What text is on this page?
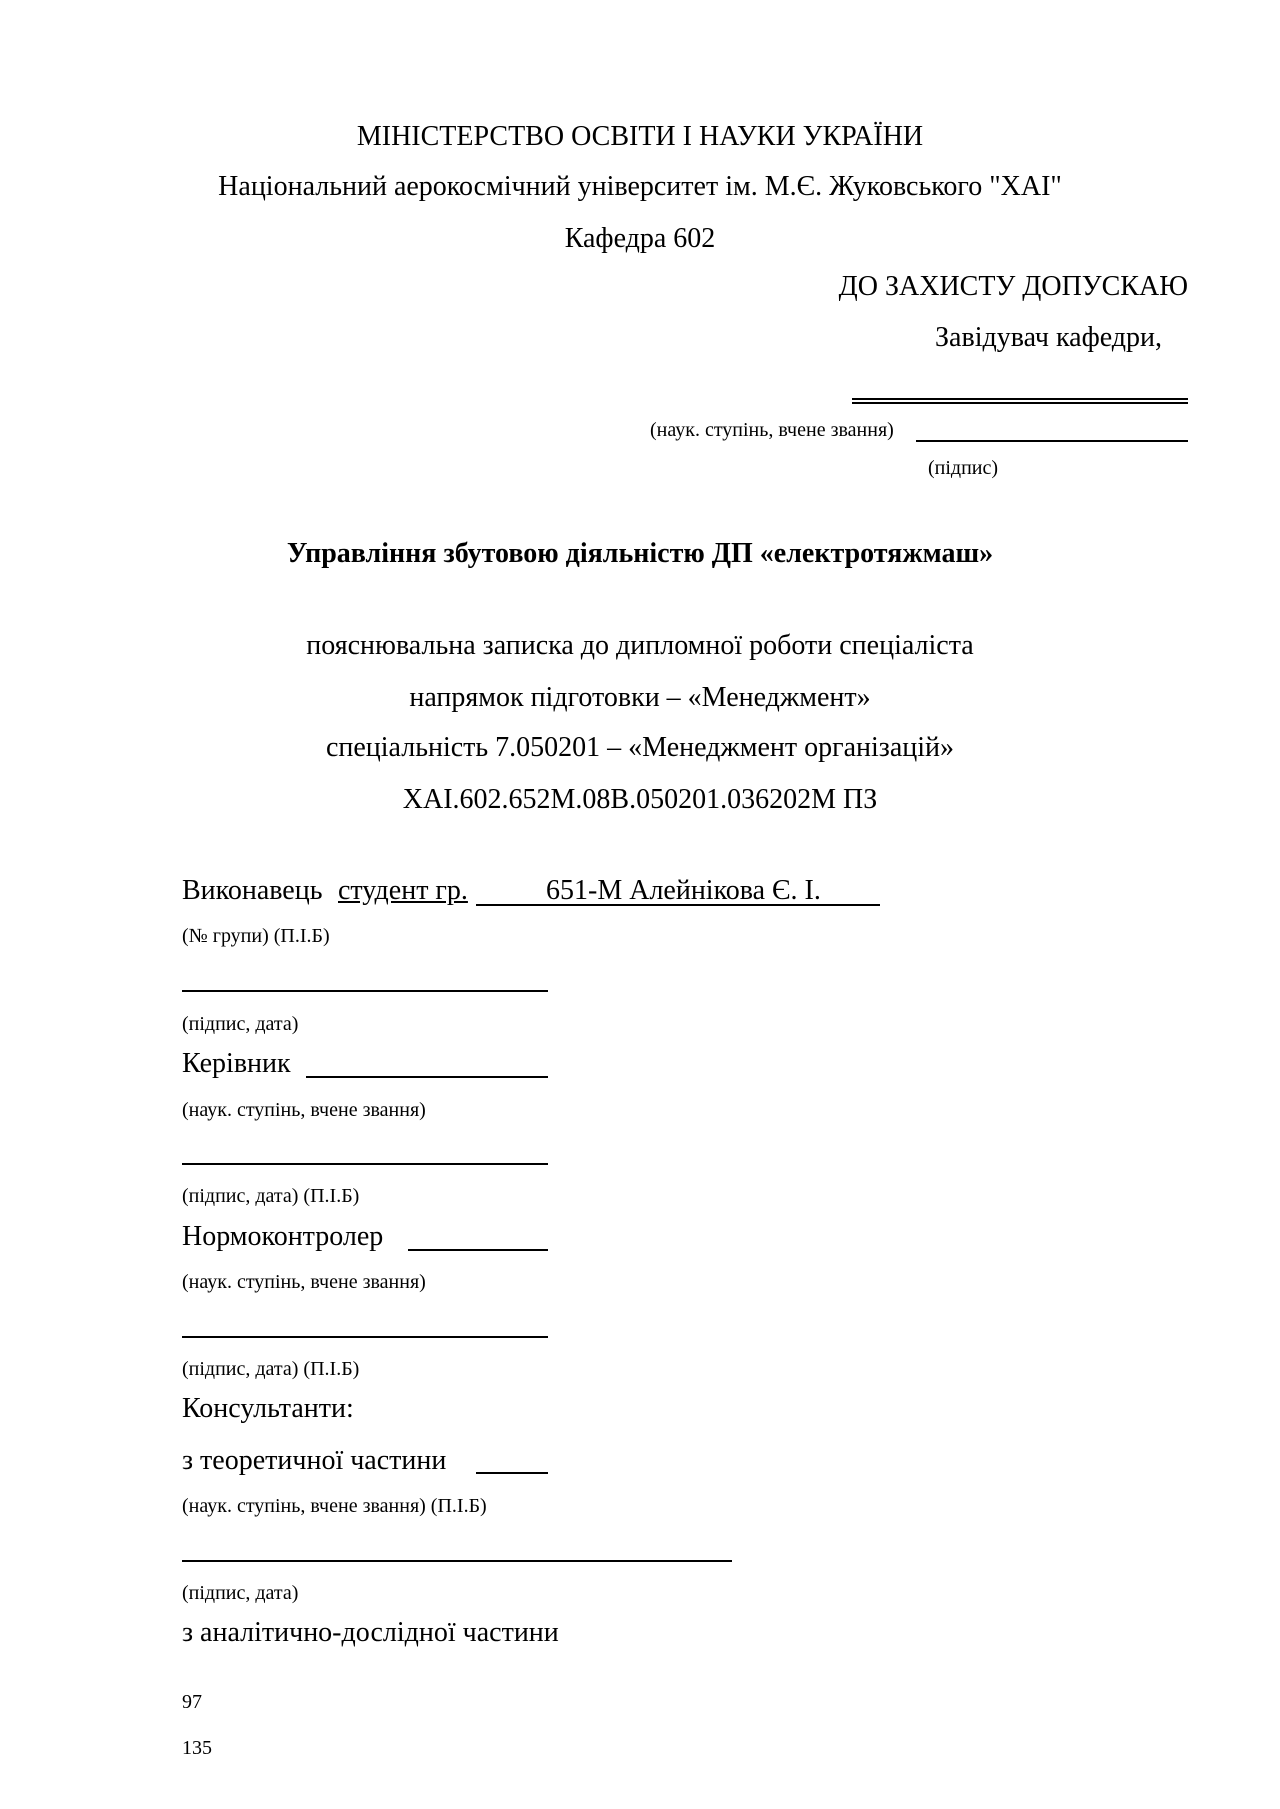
МІНІСТЕРСТВО ОСВІТИ І НАУКИ УКРАЇНИ
Національний аерокосмічний університет ім. М.Є. Жуковського "ХАІ"
Кафедра 602
ДО ЗАХИСТУ ДОПУСКАЮ
Завідувач кафедри,
(наук. ступінь, вчене звання)
(підпис)
Управління збутовою діяльністю ДП «електротяжмаш»
пояснювальна записка до дипломної роботи спеціаліста
напрямок підготовки – «Менеджмент»
спеціальність 7.050201 – «Менеджмент організацій»
ХАІ.602.652М.08В.050201.036202М ПЗ
Виконавець студент гр.	651-М Алейнікова Є. І.
(№ групи) (П.І.Б)
(підпис, дата)
Керівник
(наук. ступінь, вчене звання)
(підпис, дата) (П.І.Б)
Нормоконтролер
(наук. ступінь, вчене звання)
(підпис, дата) (П.І.Б)
Консультанти:
з теоретичної частини
(наук. ступінь, вчене звання) (П.І.Б)
(підпис, дата)
з аналітично-дослідної частини
97
135
